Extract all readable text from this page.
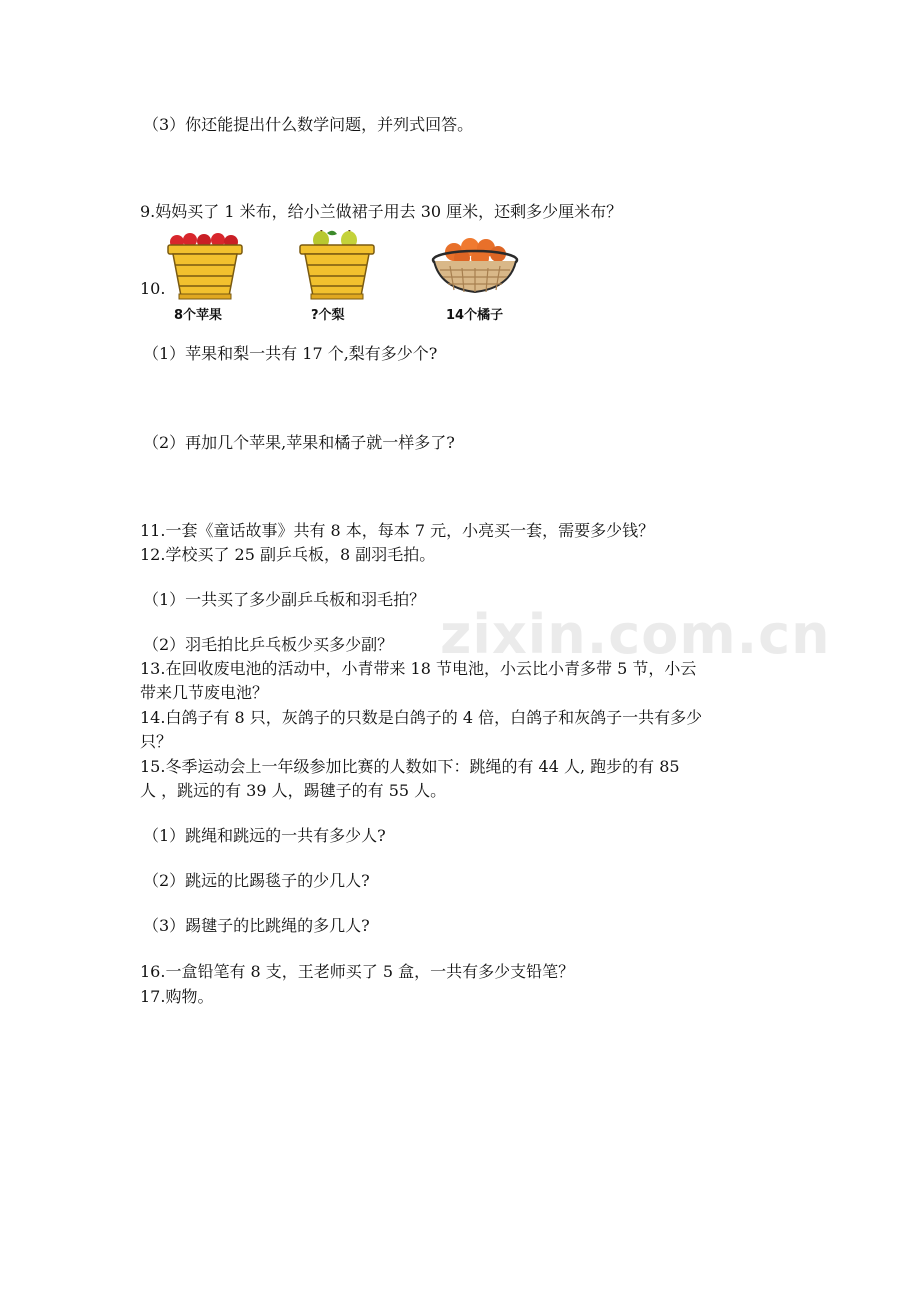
zixin.com.cn
（3）你还能提出什么数学问题，并列式回答。
9.妈妈买了 1 米布，给小兰做裙子用去 30 厘米，还剩多少厘米布？
10.
8个苹果	?个梨	14个橘子
（1）苹果和梨一共有 17 个,梨有多少个?
（2）再加几个苹果,苹果和橘子就一样多了?
11.一套《童话故事》共有 8 本，每本 7 元，小亮买一套，需要多少钱？
12.学校买了 25 副乒乓板，8 副羽毛拍。
（1）一共买了多少副乒乓板和羽毛拍？
（2）羽毛拍比乒乓板少买多少副？
13.在回收废电池的活动中，小青带来 18 节电池，小云比小青多带 5 节，小云
带来几节废电池？
14.白鸽子有 8 只，灰鸽子的只数是白鸽子的 4 倍，白鸽子和灰鸽子一共有多少
只？
15.冬季运动会上一年级参加比赛的人数如下：跳绳的有 44 人, 跑步的有 85
人 ，跳远的有 39 人，踢毽子的有 55 人。
（1）跳绳和跳远的一共有多少人?
（2）跳远的比踢毯子的少几人?
（3）踢毽子的比跳绳的多几人?
16.一盒铅笔有 8 支，王老师买了 5 盒，一共有多少支铅笔？
17.购物。
